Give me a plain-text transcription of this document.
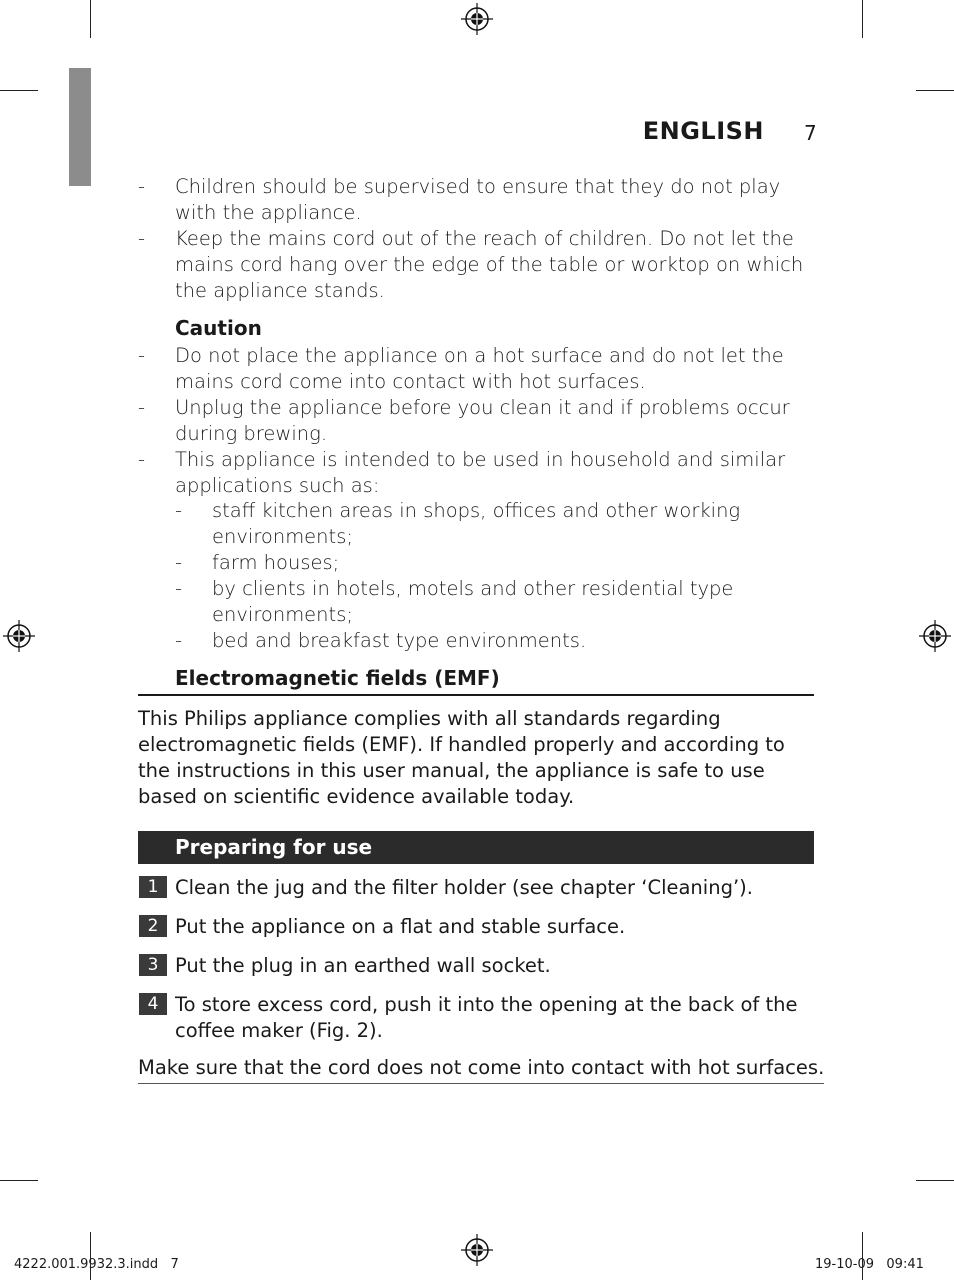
ENGLISH 7
-	Children should be supervised to ensure that they do not play with the appliance.
-	Keep the mains cord out of the reach of children. Do not let the mains cord hang over the edge of the table or worktop on which the appliance stands.
Caution
-	Do not place the appliance on a hot surface and do not let the mains cord come into contact with hot surfaces.
-	Unplug the appliance before you clean it and if problems occur during brewing.
-	This appliance is intended to be used in household and similar applications such as:
-	staff kitchen areas in shops, offices and other working environments;
-	farm houses;
-	by clients in hotels, motels and other residential type environments;
-	bed and breakfast type environments.
Electromagnetic fields (EMF)
This Philips appliance complies with all standards regarding electromagnetic fields (EMF). If handled properly and according to the instructions in this user manual, the appliance is safe to use based on scientific evidence available today.
Preparing for use
1 Clean the jug and the filter holder (see chapter ‘Cleaning’).
2 Put the appliance on a flat and stable surface.
3 Put the plug in an earthed wall socket.
4 To store excess cord, push it into the opening at the back of the coffee maker (Fig. 2).
Make sure that the cord does not come into contact with hot surfaces.
4222.001.9932.3.indd   7	19-10-09   09:41
